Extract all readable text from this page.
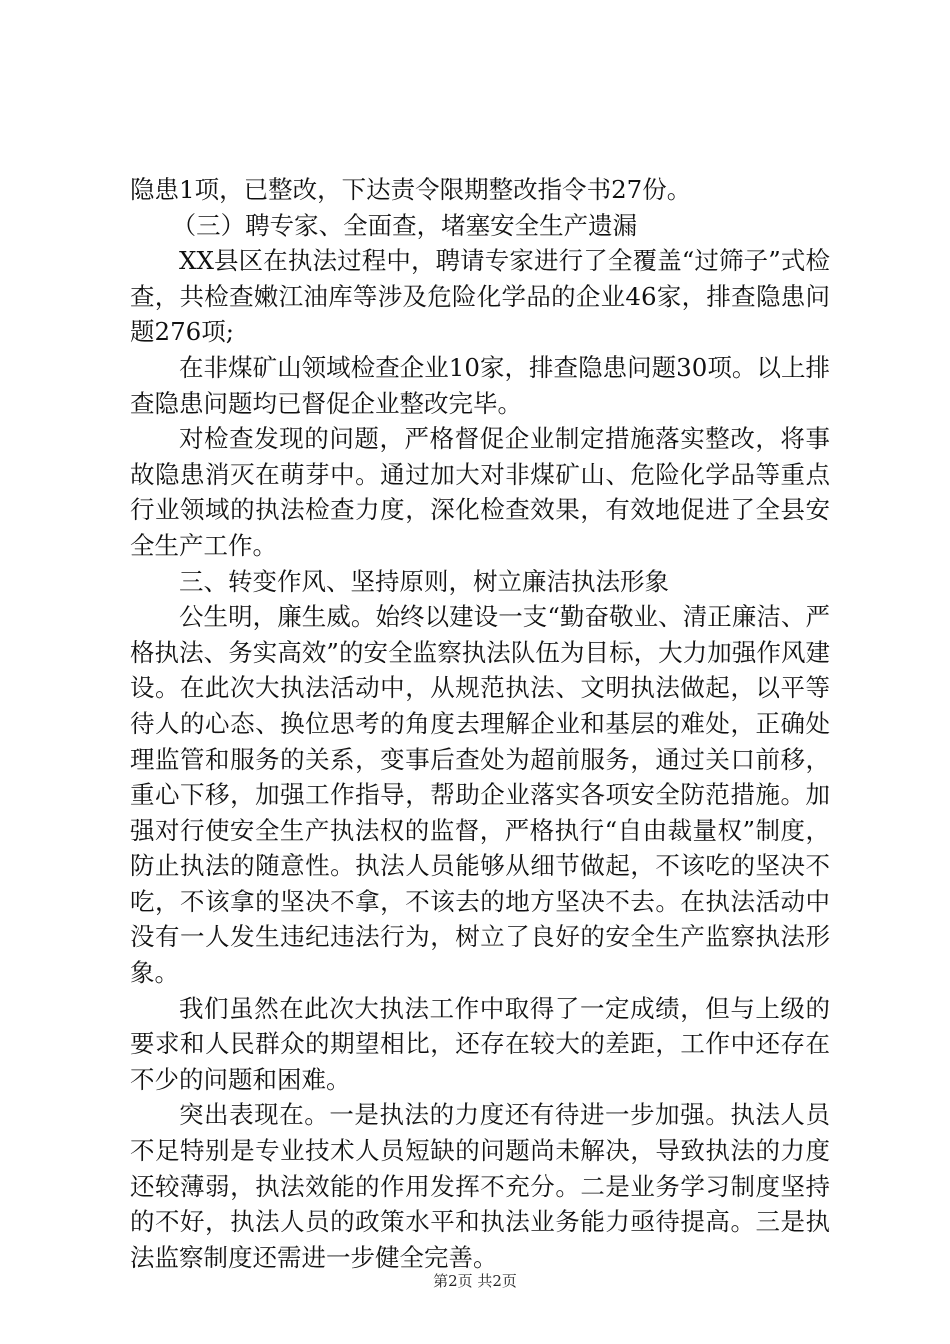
隐患1项，已整改，下达责令限期整改指令书27份。

（三）聘专家、全面查，堵塞安全生产遗漏

XX县区在执法过程中，聘请专家进行了全覆盖“过筛子”式检查，共检查嫩江油库等涉及危险化学品的企业46家，排查隐患问题276项;

在非煤矿山领域检查企业10家，排查隐患问题30项。以上排查隐患问题均已督促企业整改完毕。

对检查发现的问题，严格督促企业制定措施落实整改，将事故隐患消灭在萌芽中。通过加大对非煤矿山、危险化学品等重点行业领域的执法检查力度，深化检查效果，有效地促进了全县安全生产工作。

三、转变作风、坚持原则，树立廉洁执法形象

公生明，廉生威。始终以建设一支“勤奋敬业、清正廉洁、严格执法、务实高效”的安全监察执法队伍为目标，大力加强作风建设。在此次大执法活动中，从规范执法、文明执法做起，以平等待人的心态、换位思考的角度去理解企业和基层的难处，正确处理监管和服务的关系，变事后查处为超前服务，通过关口前移，重心下移，加强工作指导，帮助企业落实各项安全防范措施。加强对行使安全生产执法权的监督，严格执行“自由裁量权”制度，防止执法的随意性。执法人员能够从细节做起，不该吃的坚决不吃，不该拿的坚决不拿，不该去的地方坚决不去。在执法活动中没有一人发生违纪违法行为，树立了良好的安全生产监察执法形象。

我们虽然在此次大执法工作中取得了一定成绩，但与上级的要求和人民群众的期望相比，还存在较大的差距，工作中还存在不少的问题和困难。

突出表现在。一是执法的力度还有待进一步加强。执法人员不足特别是专业技术人员短缺的问题尚未解决，导致执法的力度还较薄弱，执法效能的作用发挥不充分。二是业务学习制度坚持的不好，执法人员的政策水平和执法业务能力亟待提高。三是执法监察制度还需进一步健全完善。

第2页 共2页
